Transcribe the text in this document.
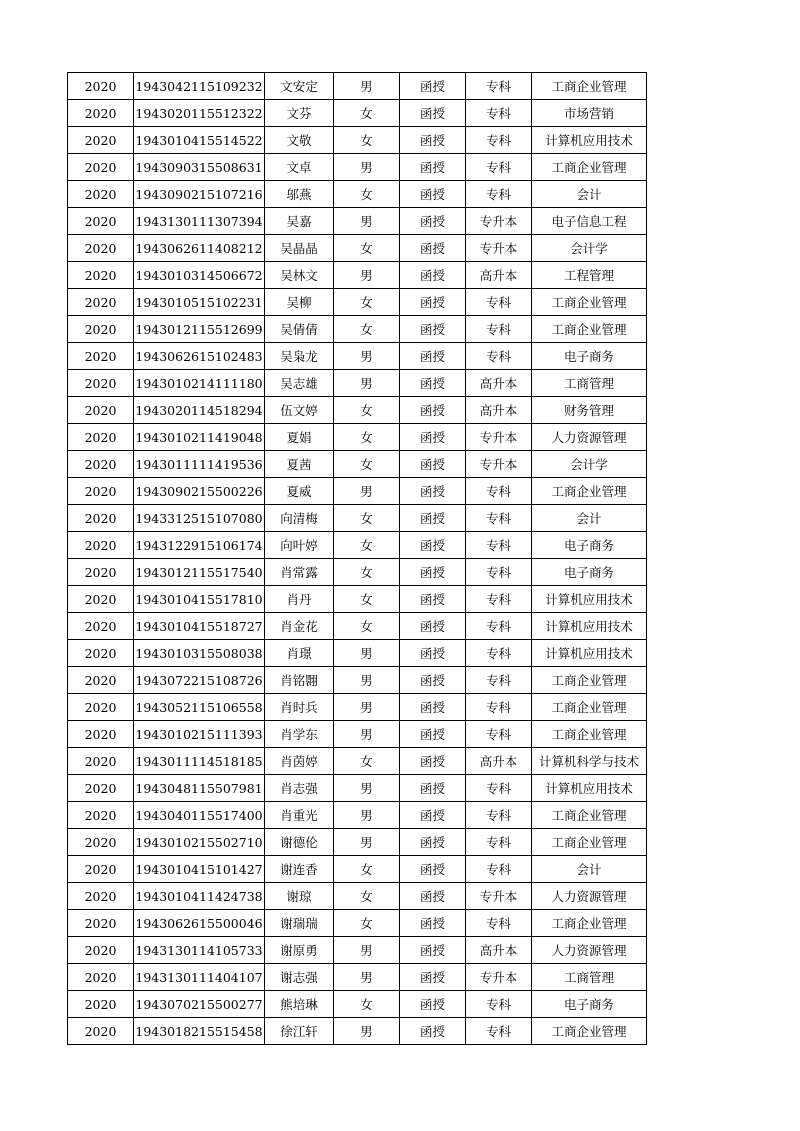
2020	1943042115109232	文安定	男	函授	专科	工商企业管理
2020	1943020115512322	文芬	女	函授	专科	市场营销
2020	1943010415514522	文敬	女	函授	专科	计算机应用技术
2020	1943090315508631	文卓	男	函授	专科	工商企业管理
2020	1943090215107216	邬燕	女	函授	专科	会计
2020	1943130111307394	吴嘉	男	函授	专升本	电子信息工程
2020	1943062611408212	吴晶晶	女	函授	专升本	会计学
2020	1943010314506672	吴林文	男	函授	高升本	工程管理
2020	1943010515102231	吴柳	女	函授	专科	工商企业管理
2020	1943012115512699	吴倩倩	女	函授	专科	工商企业管理
2020	1943062615102483	吴枭龙	男	函授	专科	电子商务
2020	1943010214111180	吴志雄	男	函授	高升本	工商管理
2020	1943020114518294	伍文婷	女	函授	高升本	财务管理
2020	1943010211419048	夏娟	女	函授	专升本	人力资源管理
2020	1943011111419536	夏茜	女	函授	专升本	会计学
2020	1943090215500226	夏威	男	函授	专科	工商企业管理
2020	1943312515107080	向清梅	女	函授	专科	会计
2020	1943122915106174	向叶婷	女	函授	专科	电子商务
2020	1943012115517540	肖常露	女	函授	专科	电子商务
2020	1943010415517810	肖丹	女	函授	专科	计算机应用技术
2020	1943010415518727	肖金花	女	函授	专科	计算机应用技术
2020	1943010315508038	肖璟	男	函授	专科	计算机应用技术
2020	1943072215108726	肖铭翾	男	函授	专科	工商企业管理
2020	1943052115106558	肖时兵	男	函授	专科	工商企业管理
2020	1943010215111393	肖学东	男	函授	专科	工商企业管理
2020	1943011114518185	肖茵婷	女	函授	高升本	计算机科学与技术
2020	1943048115507981	肖志强	男	函授	专科	计算机应用技术
2020	1943040115517400	肖重光	男	函授	专科	工商企业管理
2020	1943010215502710	谢德伦	男	函授	专科	工商企业管理
2020	1943010415101427	谢连香	女	函授	专科	会计
2020	1943010411424738	谢琼	女	函授	专升本	人力资源管理
2020	1943062615500046	谢瑞瑞	女	函授	专科	工商企业管理
2020	1943130114105733	谢原勇	男	函授	高升本	人力资源管理
2020	1943130111404107	谢志强	男	函授	专升本	工商管理
2020	1943070215500277	熊培琳	女	函授	专科	电子商务
2020	1943018215515458	徐江轩	男	函授	专科	工商企业管理
